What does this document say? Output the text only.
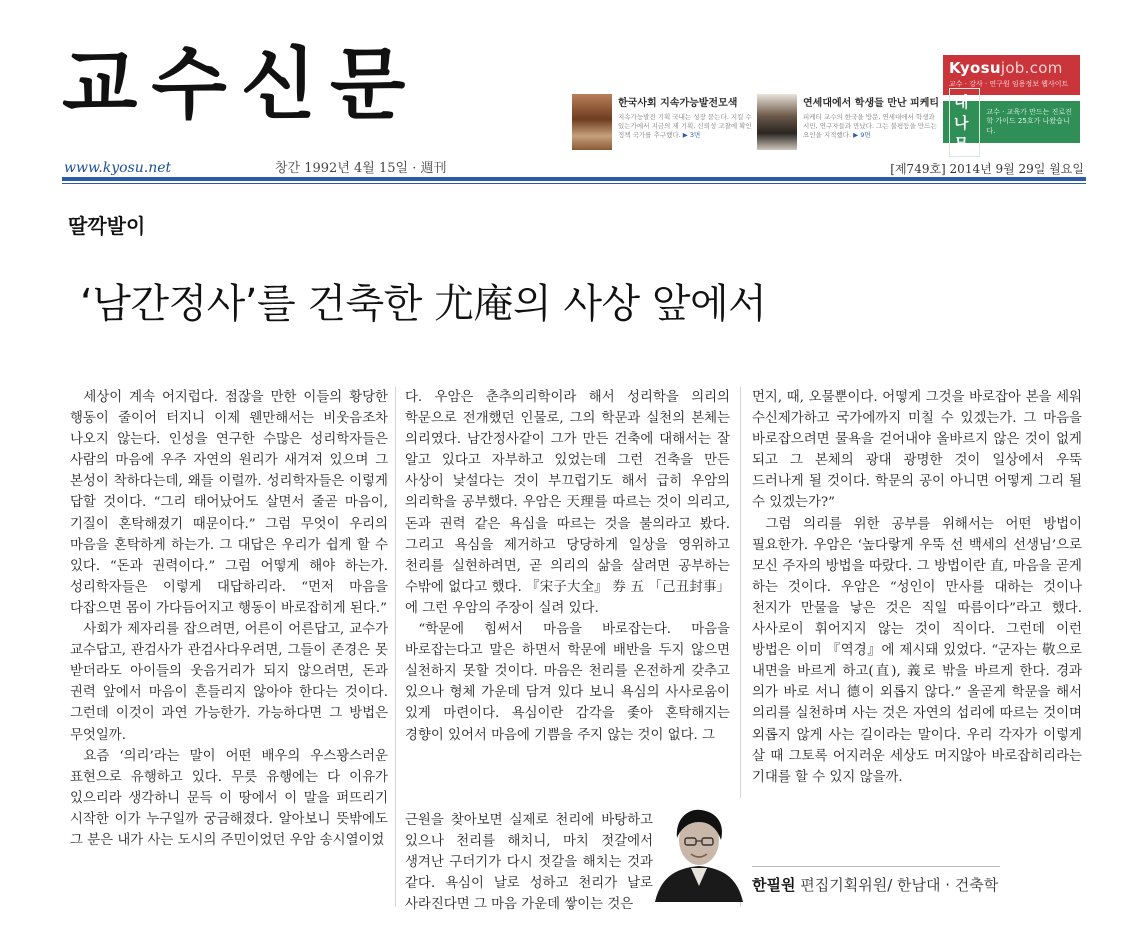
교수신문
www.kyosu.net	창간 1992년 4월 15일 · 週刊
한국사회 지속가능발전모색
지속가능발전 기획 국내는 성장 묻는다. 지킬 수 있는가에서 지금의 제 기획, 신뢰성 고찰에 확인 정책 국가를 추구했다. ▶ 3면
연세대에서 학생들 만난 피케티
피케티 교수의 한국을 방문, 연세대에서 학생과 시민, 연구자들과 만났다. 그는 불평등을 만드는 요인을 지적했다. ▶ 9면
Kyosujob.com
교수 · 강사 · 연구원 임용정보 웹사이트
대나무
교수 · 교육가 만드는 진로진학 가이드 25호가 나왔습니다.
[제749호] 2014년 9월 29일 월요일
딸깍발이
‘남간정사’를 건축한 尤庵의 사상 앞에서

세상이 계속 어지럽다. 점잖을 만한 이들의 황당한 행동이 줄이어 터지니 이제 웬만해서는 비웃음조차 나오지 않는다. 인성을 연구한 수많은 성리학자들은 사람의 마음에 우주 자연의 원리가 새겨져 있으며 그 본성이 착하다는데, 왜들 이럴까. 성리학자들은 이렇게 답할 것이다. “그리 태어났어도 살면서 줄곧 마음이, 기질이 혼탁해졌기 때문이다.” 그럼 무엇이 우리의 마음을 혼탁하게 하는가. 그 대답은 우리가 쉽게 할 수 있다. “돈과 권력이다.” 그럼 어떻게 해야 하는가. 성리학자들은 이렇게 대답하리라. “먼저 마음을 다잡으면 몸이 가다듬어지고 행동이 바로잡히게 된다.”

사회가 제자리를 잡으려면, 어른이 어른답고, 교수가 교수답고, 관검사가 관검사다우려면, 그들이 존경은 못 받더라도 아이들의 웃음거리가 되지 않으려면, 돈과 권력 앞에서 마음이 흔들리지 않아야 한다는 것이다. 그런데 이것이 과연 가능한가. 가능하다면 그 방법은 무엇일까.

요즘 ‘의리’라는 말이 어떤 배우의 우스꽝스러운 표현으로 유행하고 있다. 무릇 유행에는 다 이유가 있으리라 생각하니 문득 이 땅에서 이 말을 퍼뜨리기 시작한 이가 누구일까 궁금해졌다. 알아보니 뜻밖에도 그 분은 내가 사는 도시의 주민이었던 우암 송시열이었

다. 우암은 춘추의리학이라 해서 성리학을 의리의 학문으로 전개했던 인물로, 그의 학문과 실천의 본체는 의리였다. 남간정사같이 그가 만든 건축에 대해서는 잘 알고 있다고 자부하고 있었는데 그런 건축을 만든 사상이 낯설다는 것이 부끄럽기도 해서 급히 우암의 의리학을 공부했다. 우암은 天理를 따르는 것이 의리고, 돈과 권력 같은 욕심을 따르는 것을 불의라고 봤다. 그리고 욕심을 제거하고 당당하게 일상을 영위하고 천리를 실현하려면, 곧 의리의 삶을 살려면 공부하는 수밖에 없다고 했다. 『宋子大全』 券 五 「己丑封事」에 그런 우암의 주장이 실려 있다.

“학문에 힘써서 마음을 바로잡는다. 마음을 바로잡는다고 말은 하면서 학문에 배반을 두지 않으면 실천하지 못할 것이다. 마음은 천리를 온전하게 갖추고 있으나 형체 가운데 담겨 있다 보니 욕심의 사사로움이 있게 마련이다. 욕심이란 감각을 좇아 혼탁해지는 경향이 있어서 마음에 기쁨을 주지 않는 것이 없다. 그

근원을 찾아보면 실제로 천리에 바탕하고 있으나 천리를 해치니, 마치 젓갈에서 생겨난 구더기가 다시 젓갈을 해치는 것과 같다. 욕심이 날로 성하고 천리가 날로 사라진다면 그 마음 가운데 쌓이는 것은

먼지, 때, 오물뿐이다. 어떻게 그것을 바로잡아 본을 세워 수신제가하고 국가에까지 미칠 수 있겠는가. 그 마음을 바로잡으려면 물욕을 걷어내야 올바르지 않은 것이 없게 되고 그 본체의 광대 광명한 것이 일상에서 우뚝 드러나게 될 것이다. 학문의 공이 아니면 어떻게 그리 될 수 있겠는가?”

그럼 의리를 위한 공부를 위해서는 어떤 방법이 필요한가. 우암은 ‘높다랗게 우뚝 선 백세의 선생님’으로 모신 주자의 방법을 따랐다. 그 방법이란 直, 마음을 곧게 하는 것이다. 우암은 “성인이 만사를 대하는 것이나 천지가 만물을 낳은 것은 직일 따름이다”라고 했다. 사사로이 휘어지지 않는 것이 직이다. 그런데 이런 방법은 이미 『역경』에 제시돼 있었다. “군자는 敬으로 내면을 바르게 하고(直), 義로 밖을 바르게 한다. 경과 의가 바로 서니 德이 외롭지 않다.” 올곧게 학문을 해서 의리를 실천하며 사는 것은 자연의 섭리에 따르는 것이며 외롭지 않게 사는 길이라는 말이다. 우리 각자가 이렇게 살 때 그토록 어지러운 세상도 머지않아 바로잡히리라는 기대를 할 수 있지 않을까.

한필원 편집기획위원/ 한남대 · 건축학
